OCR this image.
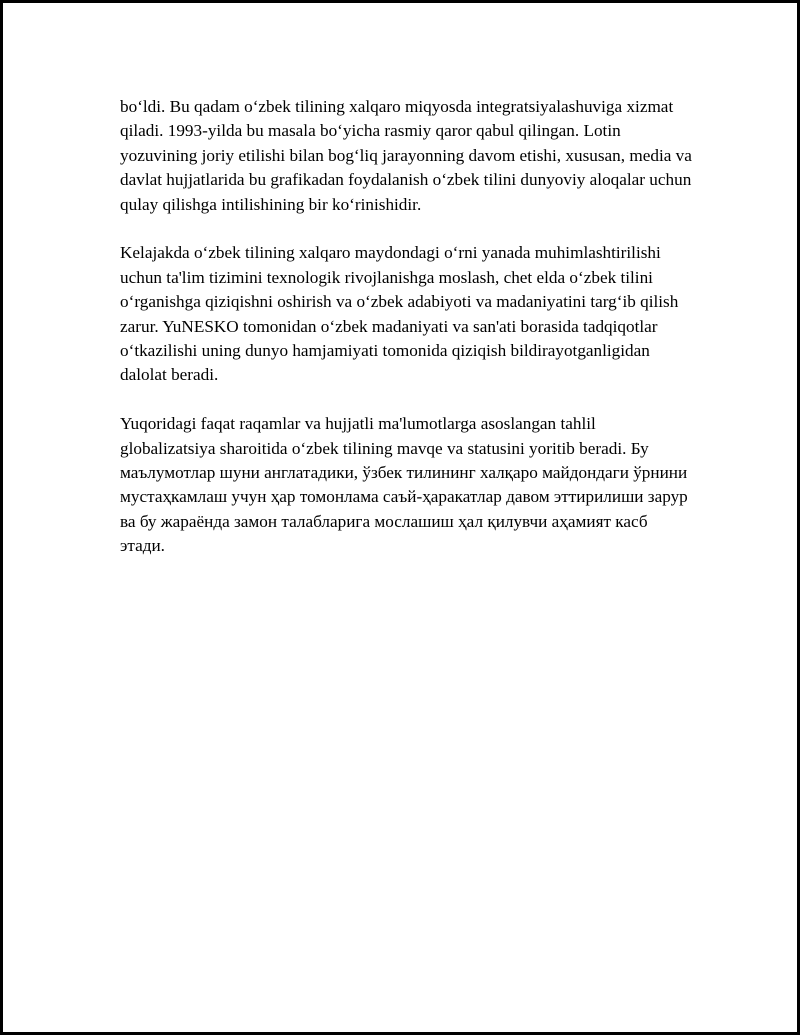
boʻldi. Bu qadam oʻzbek tilining xalqaro miqyosda integratsiyalashuviga xizmat qiladi. 1993-yilda bu masala boʻyicha rasmiy qaror qabul qilingan. Lotin yozuvining joriy etilishi bilan bogʻliq jarayonning davom etishi, xususan, media va davlat hujjatlarida bu grafikadan foydalanish oʻzbek tilini dunyoviy aloqalar uchun qulay qilishga intilishining bir koʻrinishidir.

Kelajakda oʻzbek tilining xalqaro maydondagi oʻrni yanada muhimlashtirilishi uchun ta'lim tizimini texnologik rivojlanishga moslash, chet elda oʻzbek tilini oʻrganishga qiziqishni oshirish va oʻzbek adabiyoti va madaniyatini targʻib qilish zarur. YuNESKO tomonidan oʻzbek madaniyati va san'ati borasida tadqiqotlar oʻtkazilishi uning dunyo hamjamiyati tomonida qiziqish bildirayotganligidan dalolat beradi.

Yuqoridagi faqat raqamlar va hujjatli ma'lumotlarga asoslangan tahlil globalizatsiya sharoitida oʻzbek tilining mavqe va statusini yoritib beradi. Бу маълумотлар шуни англатадики, ўзбек тилининг халқаро майдондаги ўрнини мустаҳкамлаш учун ҳар томонлама саъй-ҳаракатлар давом эттирилиши зарур ва бу жараёнда замон талабларига мослашиш ҳал қилувчи аҳамият касб этади.
